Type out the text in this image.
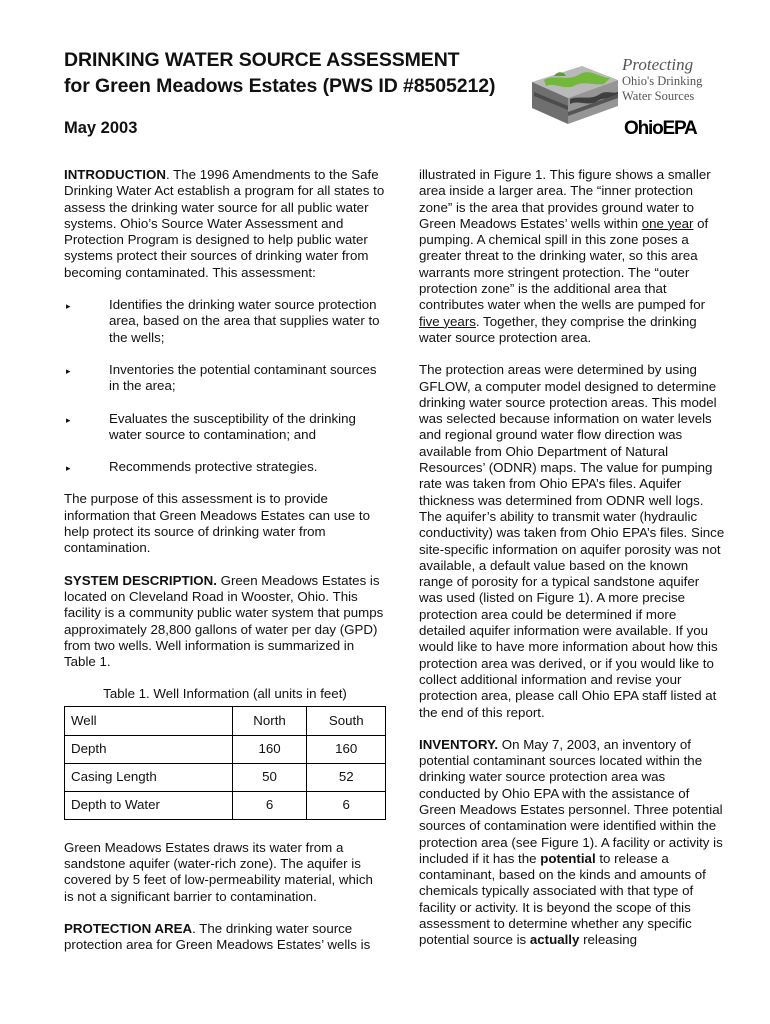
DRINKING WATER SOURCE ASSESSMENT
for Green Meadows Estates (PWS ID #8505212)
May 2003
Protecting
Ohio's Drinking
Water Sources
OhioEPA

INTRODUCTION. The 1996 Amendments to the Safe Drinking Water Act establish a program for all states to assess the drinking water source for all public water systems. Ohio’s Source Water Assessment and Protection Program is designed to help public water systems protect their sources of drinking water from becoming contaminated. This assessment:

▸	Identifies the drinking water source protection area, based on the area that supplies water to the wells;
▸	Inventories the potential contaminant sources in the area;
▸	Evaluates the susceptibility of the drinking water source to contamination; and
▸	Recommends protective strategies.

The purpose of this assessment is to provide information that Green Meadows Estates can use to help protect its source of drinking water from contamination.

SYSTEM DESCRIPTION. Green Meadows Estates is located on Cleveland Road in Wooster, Ohio. This facility is a community public water system that pumps approximately 28,800 gallons of water per day (GPD) from two wells. Well information is summarized in Table 1.

Table 1. Well Information (all units in feet)
Well	North	South
Depth	160	160
Casing Length	50	52
Depth to Water	6	6

Green Meadows Estates draws its water from a sandstone aquifer (water-rich zone). The aquifer is covered by 5 feet of low-permeability material, which is not a significant barrier to contamination.

PROTECTION AREA. The drinking water source protection area for Green Meadows Estates’ wells is

illustrated in Figure 1. This figure shows a smaller area inside a larger area. The “inner protection zone” is the area that provides ground water to Green Meadows Estates’ wells within one year of pumping. A chemical spill in this zone poses a greater threat to the drinking water, so this area warrants more stringent protection. The “outer protection zone” is the additional area that contributes water when the wells are pumped for five years. Together, they comprise the drinking water source protection area.

The protection areas were determined by using GFLOW, a computer model designed to determine drinking water source protection areas. This model was selected because information on water levels and regional ground water flow direction was available from Ohio Department of Natural Resources’ (ODNR) maps. The value for pumping rate was taken from Ohio EPA’s files. Aquifer thickness was determined from ODNR well logs. The aquifer’s ability to transmit water (hydraulic conductivity) was taken from Ohio EPA’s files. Since site-specific information on aquifer porosity was not available, a default value based on the known range of porosity for a typical sandstone aquifer was used (listed on Figure 1). A more precise protection area could be determined if more detailed aquifer information were available. If you would like to have more information about how this protection area was derived, or if you would like to collect additional information and revise your protection area, please call Ohio EPA staff listed at the end of this report.

INVENTORY. On May 7, 2003, an inventory of potential contaminant sources located within the drinking water source protection area was conducted by Ohio EPA with the assistance of Green Meadows Estates personnel. Three potential sources of contamination were identified within the protection area (see Figure 1). A facility or activity is included if it has the potential to release a contaminant, based on the kinds and amounts of chemicals typically associated with that type of facility or activity. It is beyond the scope of this assessment to determine whether any specific potential source is actually releasing
